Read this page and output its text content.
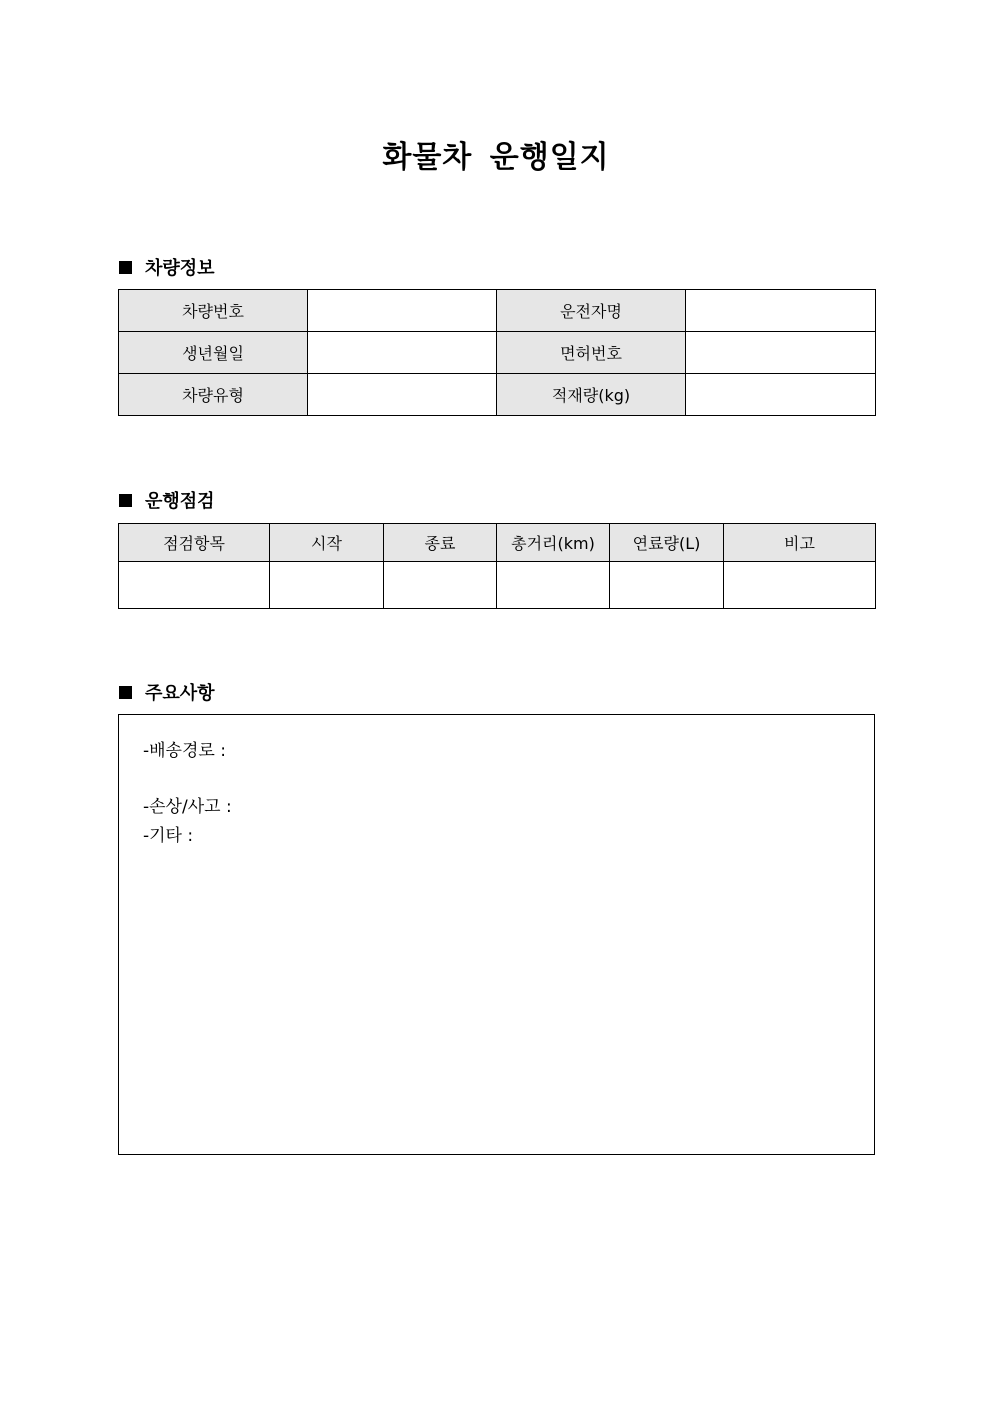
화물차 운행일지
차량정보
차량번호		운전자명	
생년월일		면허번호	
차량유형		적재량(kg)	
운행점검
점검항목	시작	종료	총거리(km)	연료량(L)	비고

주요사항
-배송경로 :
-손상/사고 :
-기타 :
